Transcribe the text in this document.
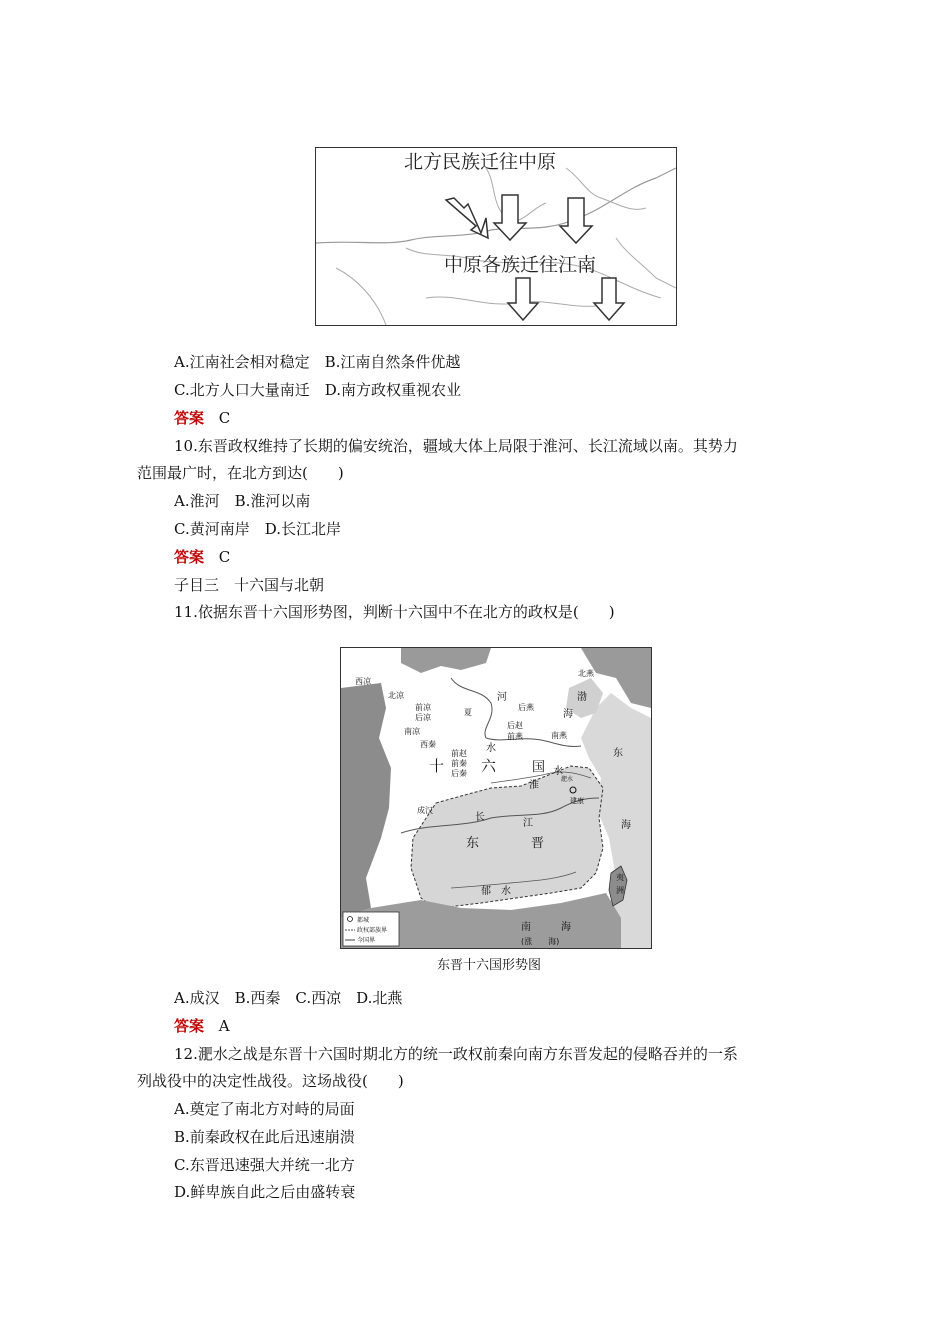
北方民族迁往中原
中原各族迁往江南
A.江南社会相对稳定　B.江南自然条件优越
C.北方人口大量南迁　D.南方政权重视农业
答案 C
10.东晋政权维持了长期的偏安统治，疆域大体上局限于淮河、长江流域以南。其势力
范围最广时，在北方到达(　　)
A.淮河　B.淮河以南
C.黄河南岸　D.长江北岸
答案 C
子目三　十六国与北朝
11.依据东晋十六国形势图，判断十六国中不在北方的政权是(　　)
西凉
北凉
前凉
后凉
南凉
西秦
夏
前赵
前秦
后秦
河
后燕
后赵
前燕
水
北燕
渤
海
南燕
十 六	国
淮
水
淝水
建康
东
海
成汉
长
江
东	晋
郁 水
夷
洲
南	海
(涨　　海)
都城
政权部族界
今国界
东晋十六国形势图
A.成汉　B.西秦　C.西凉　D.北燕
答案 A
12.淝水之战是东晋十六国时期北方的统一政权前秦向南方东晋发起的侵略吞并的一系
列战役中的决定性战役。这场战役(　　)
A.奠定了南北方对峙的局面
B.前秦政权在此后迅速崩溃
C.东晋迅速强大并统一北方
D.鲜卑族自此之后由盛转衰
